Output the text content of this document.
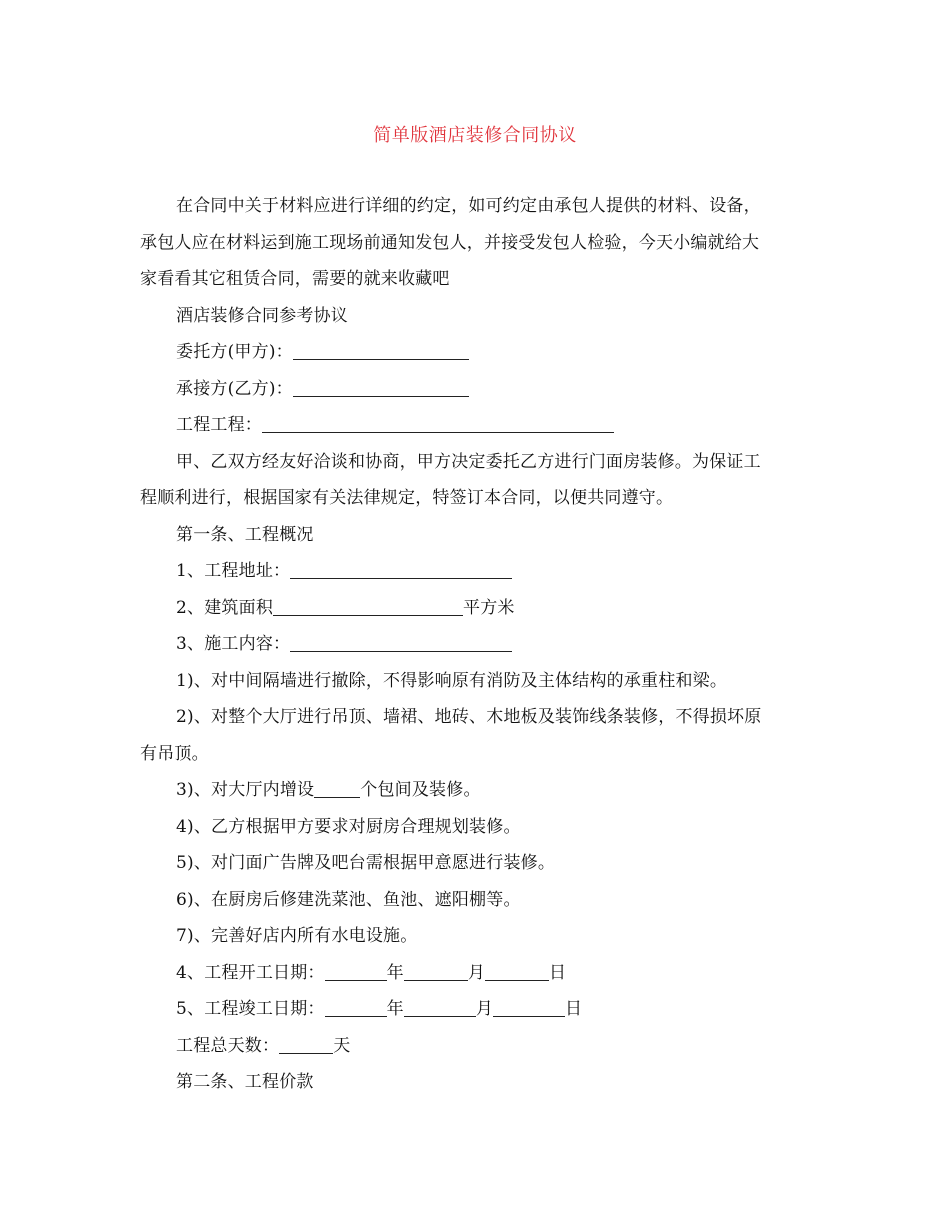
简单版酒店装修合同协议

在合同中关于材料应进行详细的约定，如可约定由承包人提供的材料、设备，

承包人应在材料运到施工现场前通知发包人，并接受发包人检验，今天小编就给大

家看看其它租赁合同，需要的就来收藏吧

酒店装修合同参考协议

委托方(甲方)：

承接方(乙方)：

工程工程：

甲、乙双方经友好洽谈和协商，甲方决定委托乙方进行门面房装修。为保证工

程顺利进行，根据国家有关法律规定，特签订本合同，以便共同遵守。

第一条、工程概况

1、工程地址：

2、建筑面积	平方米

3、施工内容：

1)、对中间隔墙进行撤除，不得影响原有消防及主体结构的承重柱和梁。

2)、对整个大厅进行吊顶、墙裙、地砖、木地板及装饰线条装修，不得损坏原

有吊顶。

3)、对大厅内增设	个包间及装修。

4)、乙方根据甲方要求对厨房合理规划装修。

5)、对门面广告牌及吧台需根据甲意愿进行装修。

6)、在厨房后修建洗菜池、鱼池、遮阳棚等。

7)、完善好店内所有水电设施。

4、工程开工日期：	年	月	日

5、工程竣工日期：	年	月	日

工程总天数：	天

第二条、工程价款
